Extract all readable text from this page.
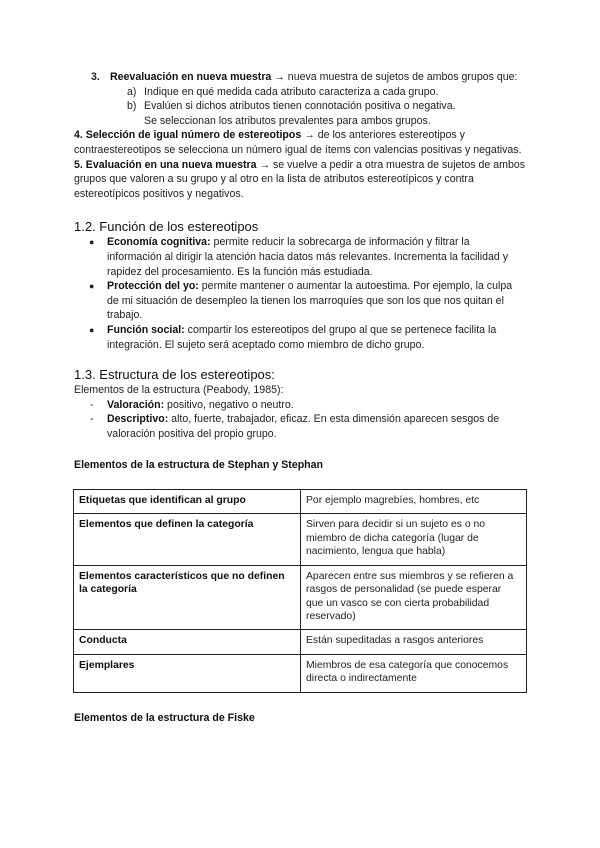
3. Reevaluación en nueva muestra → nueva muestra de sujetos de ambos grupos que:
a) Indique en qué medida cada atributo caracteriza a cada grupo.
b) Evalúen si dichos atributos tienen connotación positiva o negativa.
Se seleccionan los atributos prevalentes para ambos grupos.

4. Selección de igual número de estereotipos → de los anteriores estereotipos y contraestereotipos se selecciona un número igual de ítems con valencias positivas y negativas.

5. Evaluación en una nueva muestra → se vuelve a pedir a otra muestra de sujetos de ambos grupos que valoren a su grupo y al otro en la lista de atributos estereotípicos y contra estereotípicos positivos y negativos.

1.2. Función de los estereotipos
● Economía cognitiva: permite reducir la sobrecarga de información y filtrar la información al dirigir la atención hacia datos más relevantes. Incrementa la facilidad y rapidez del procesamiento. Es la función más estudiada.
● Protección del yo: permite mantener o aumentar la autoestima. Por ejemplo, la culpa de mi situación de desempleo la tienen los marroquíes que son los que nos quitan el trabajo.
● Función social: compartir los estereotipos del grupo al que se pertenece facilita la integración. El sujeto será aceptado como miembro de dicho grupo.
1.3. Estructura de los estereotipos:

Elementos de la estructura (Peabody, 1985):

- Valoración: positivo, negativo o neutro.
- Descriptivo: alto, fuerte, trabajador, eficaz. En esta dimensión aparecen sesgos de valoración positiva del propio grupo.

Elementos de la estructura de Stephan y Stephan

Etiquetas que identifican al grupo	Por ejemplo magrebíes, hombres, etc
Elementos que definen la categoría	Sirven para decidir si un sujeto es o no miembro de dicha categoría (lugar de nacimiento, lengua que habla)
Elementos característicos que no definen la categoría	Aparecen entre sus miembros y se refieren a rasgos de personalidad (se puede esperar que un vasco se con cierta probabilidad reservado)
Conducta	Están supeditadas a rasgos anteriores
Ejemplares	Miembros de esa categoría que conocemos directa o indirectamente

Elementos de la estructura de Fiske
